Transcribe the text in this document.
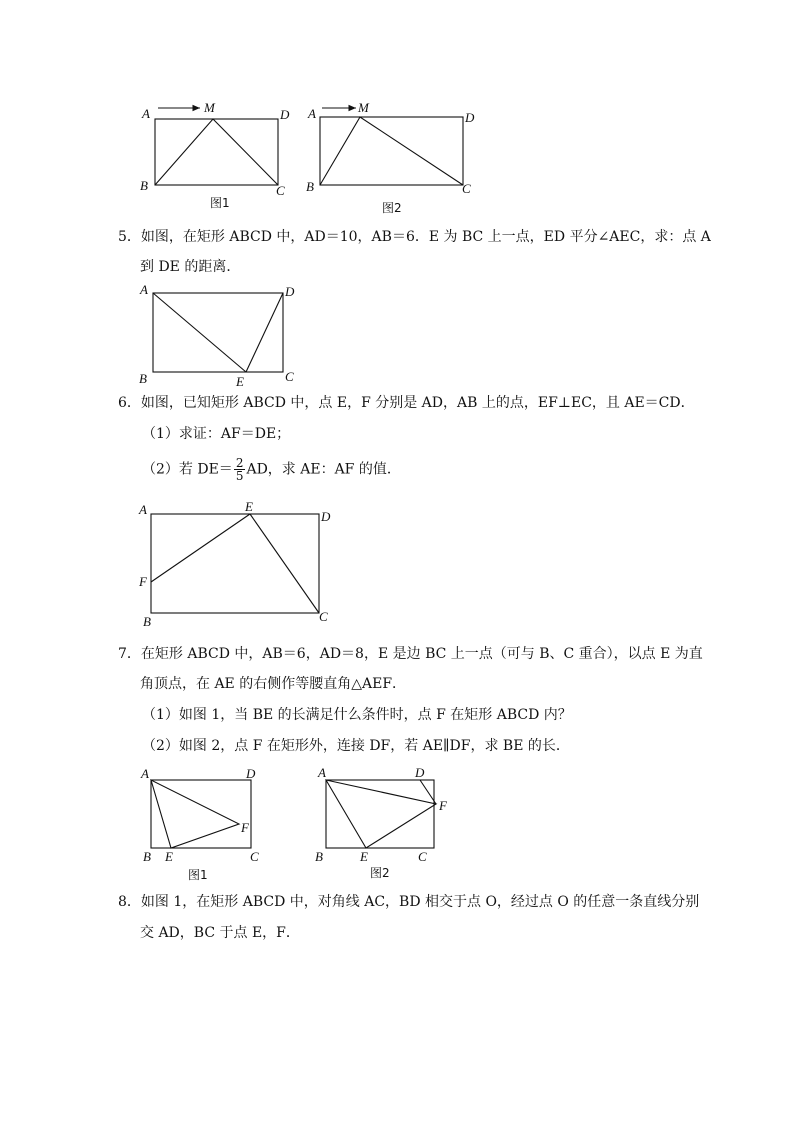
A	M	D
B	C
图1
A	M
D
B	C
图2
5．如图，在矩形 ABCD 中，AD＝10，AB＝6．E 为 BC 上一点，ED 平分∠AEC，求：点 A
到 DE 的距离．
A	D
B	E	C
6．如图，已知矩形 ABCD 中，点 E，F 分别是 AD，AB 上的点，EF⊥EC，且 AE＝CD．
（1）求证：AF＝DE；
（2）若 $DE= \frac{2}{5}$ AD，求 AE：AF 的值．
A	E
D
F
B	C
7．在矩形 ABCD 中，AB＝6，AD＝8，E 是边 BC 上一点（可与 B、C 重合），以点 E 为直
角顶点，在 AE 的右侧作等腰直角△AEF．
（1）如图 1，当 BE 的长满足什么条件时，点 F 在矩形 ABCD 内？
（2）如图 2，点 F 在矩形外，连接 DF，若 AE∥DF，求 BE 的长．
A	D
F
B E	C
图1
A	D
F
B	E	C
图2
8．如图 1，在矩形 ABCD 中，对角线 AC，BD 相交于点 O，经过点 O 的任意一条直线分别
交 AD，BC 于点 E，F．
